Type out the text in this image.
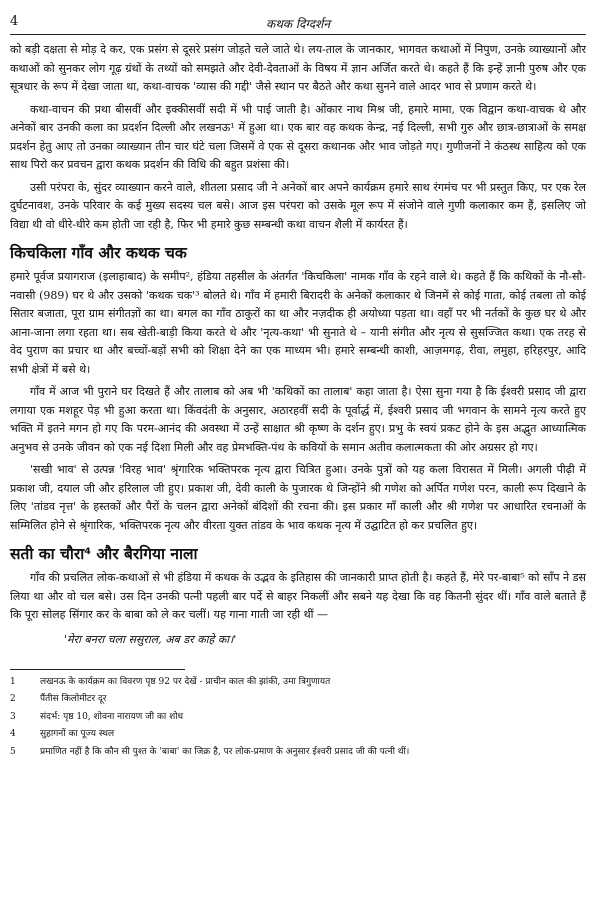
4	कथक दिग्दर्शन

को बड़ी दक्षता से मोड़ दे कर, एक प्रसंग से दूसरे प्रसंग जोड़ते चले जाते थे। लय-ताल के जानकार, भागवत कथाओं में निपुण, उनके व्याख्यानों और कथाओं को सुनकर लोग गूढ़ ग्रंथों के तथ्यों को समझते और देवी-देवताओं के विषय में ज्ञान अर्जित करते थे। कहते हैं कि इन्हें ज्ञानी पुरुष और एक सूत्रधार के रूप में देखा जाता था, कथा-वाचक 'व्यास की गद्दी' जैसे स्थान पर बैठते और कथा सुनने वाले आदर भाव से प्रणाम करते थे।

कथा-वाचन की प्रथा बीसवीं और इक्कीसवीं सदी में भी पाई जाती है। ओंकार नाथ मिश्र जी, हमारे मामा, एक विद्वान कथा-वाचक थे और अनेकों बार उनकी कला का प्रदर्शन दिल्ली और लखनऊ¹ में हुआ था। एक बार वह कथक केन्द्र, नई दिल्ली, सभी गुरु और छात्र-छात्राओं के समक्ष प्रदर्शन हेतु आए तो उनका व्याख्यान तीन चार घंटे चला जिसमें वे एक से दूसरा कथानक और भाव जोड़ते गए। गुणीजनों ने कंठस्थ साहित्य को एक साथ पिरो कर प्रवचन द्वारा कथक प्रदर्शन की विधि की बहुत प्रशंसा की।

उसी परंपरा के, सुंदर व्याख्यान करने वाले, शीतला प्रसाद जी ने अनेकों बार अपने कार्यक्रम हमारे साथ रंगमंच पर भी प्रस्तुत किए, पर एक रेल दुर्घटनावश, उनके परिवार के कई मुख्य सदस्य चल बसे। आज इस परंपरा को उसके मूल रूप में संजोने वाले गुणी कलाकार कम हैं, इसलिए जो विद्या थी वो धीरे-धीरे कम होती जा रही है, फिर भी हमारे कुछ सम्बन्धी कथा वाचन शैली में कार्यरत हैं।

किचकिला गाँव और कथक चक

हमारे पूर्वज प्रयागराज (इलाहाबाद) के समीप², हंडिया तहसील के अंतर्गत 'किचकिला' नामक गाँव के रहने वाले थे। कहते हैं कि कथिकों के नौ-सौ-नवासी (989) घर थे और उसको 'कथक चक'³ बोलते थे। गाँव में हमारी बिरादरी के अनेकों कलाकार थे जिनमें से कोई गाता, कोई तबला तो कोई सितार बजाता, पूरा ग्राम संगीतज्ञों का था। बगल का गाँव ठाकुरों का था और नज़दीक ही अयोध्या पड़ता था। वहाँ पर भी नर्तकों के कुछ घर थे और आना-जाना लगा रहता था। सब खेती-बाड़ी किया करते थे और 'नृत्य-कथा' भी सुनाते थे – यानी संगीत और नृत्य से सुसज्जित कथा। एक तरह से वेद पुराण का प्रचार था और बच्चों-बड़ों सभी को शिक्षा देने का एक माध्यम भी। हमारे सम्बन्धी काशी, आज़मगढ़, रीवा, लमुहा, हरिहरपुर, आदि सभी क्षेत्रों में बसे थे।

गाँव में आज भी पुराने घर दिखते हैं और तालाब को अब भी 'कथिकों का तालाब' कहा जाता है। ऐसा सुना गया है कि ईश्वरी प्रसाद जी द्वारा लगाया एक मशहूर पेड़ भी हुआ करता था। किंवदंती के अनुसार, अठारहवीं सदी के पूर्वार्द्ध में, ईश्वरी प्रसाद जी भगवान के सामने नृत्य करते हुए भक्ति में इतने मगन हो गए कि परम-आनंद की अवस्था में उन्हें साक्षात श्री कृष्ण के दर्शन हुए। प्रभु के स्वयं प्रकट होने के इस अद्भुत आध्यात्मिक अनुभव से उनके जीवन को एक नई दिशा मिली और वह प्रेमभक्ति-पंथ के कवियों के समान अतीव कलात्मकता की ओर अग्रसर हो गए।

'सखी भाव' से उत्पन्न 'विरह भाव' श्रृंगारिक भक्तिपरक नृत्य द्वारा चित्रित हुआ। उनके पुत्रों को यह कला विरासत में मिली। अगली पीढ़ी में प्रकाश जी, दयाल जी और हरिलाल जी हुए। प्रकाश जी, देवी काली के पुजारक थे जिन्होंने श्री गणेश को अर्पित गणेश परन, काली रूप दिखाने के लिए 'तांडव नृत्त' के हस्तकों और पैरों के चलन द्वारा अनेकों बंदिशों की रचना की। इस प्रकार माँ काली और श्री गणेश पर आधारित रचनाओं के सम्मिलित होने से श्रृंगारिक, भक्तिपरक नृत्य और वीरता युक्त तांडव के भाव कथक नृत्य में उद्घाटित हो कर प्रचलित हुए।

सती का चौरा⁴ और बैरगिया नाला

गाँव की प्रचलित लोक-कथाओं से भी हंडिया में कथक के उद्भव के इतिहास की जानकारी प्राप्त होती है। कहते हैं, मेरे पर-बाबा⁵ को साँप ने डस लिया था और वो चल बसे। उस दिन उनकी पत्नी पहली बार पर्दे से बाहर निकलीं और सबने यह देखा कि वह कितनी सुंदर थीं। गाँव वाले बताते हैं कि पूरा सोलह सिंगार कर के बाबा को ले कर चलीं। यह गाना गाती जा रही थीं —

'मेरा बनरा चला ससुराल, अब डर काहे का।'
1	लखनऊ के कार्यक्रम का विवरण पृष्ठ 92 पर देखें - प्राचीन काल की झांकी, उमा त्रिगुणायत
2	पैंतीस किलोमीटर दूर
3	संदर्भ: पृष्ठ 10, शोवना नारायण जी का शोध
4	सुहागनों का पूज्य स्थल
5	प्रमाणित नहीं है कि कौन सी पुश्त के 'बाबा' का जिक्र है, पर लोक-प्रमाण के अनुसार ईश्वरी प्रसाद जी की पत्नी थीं।
